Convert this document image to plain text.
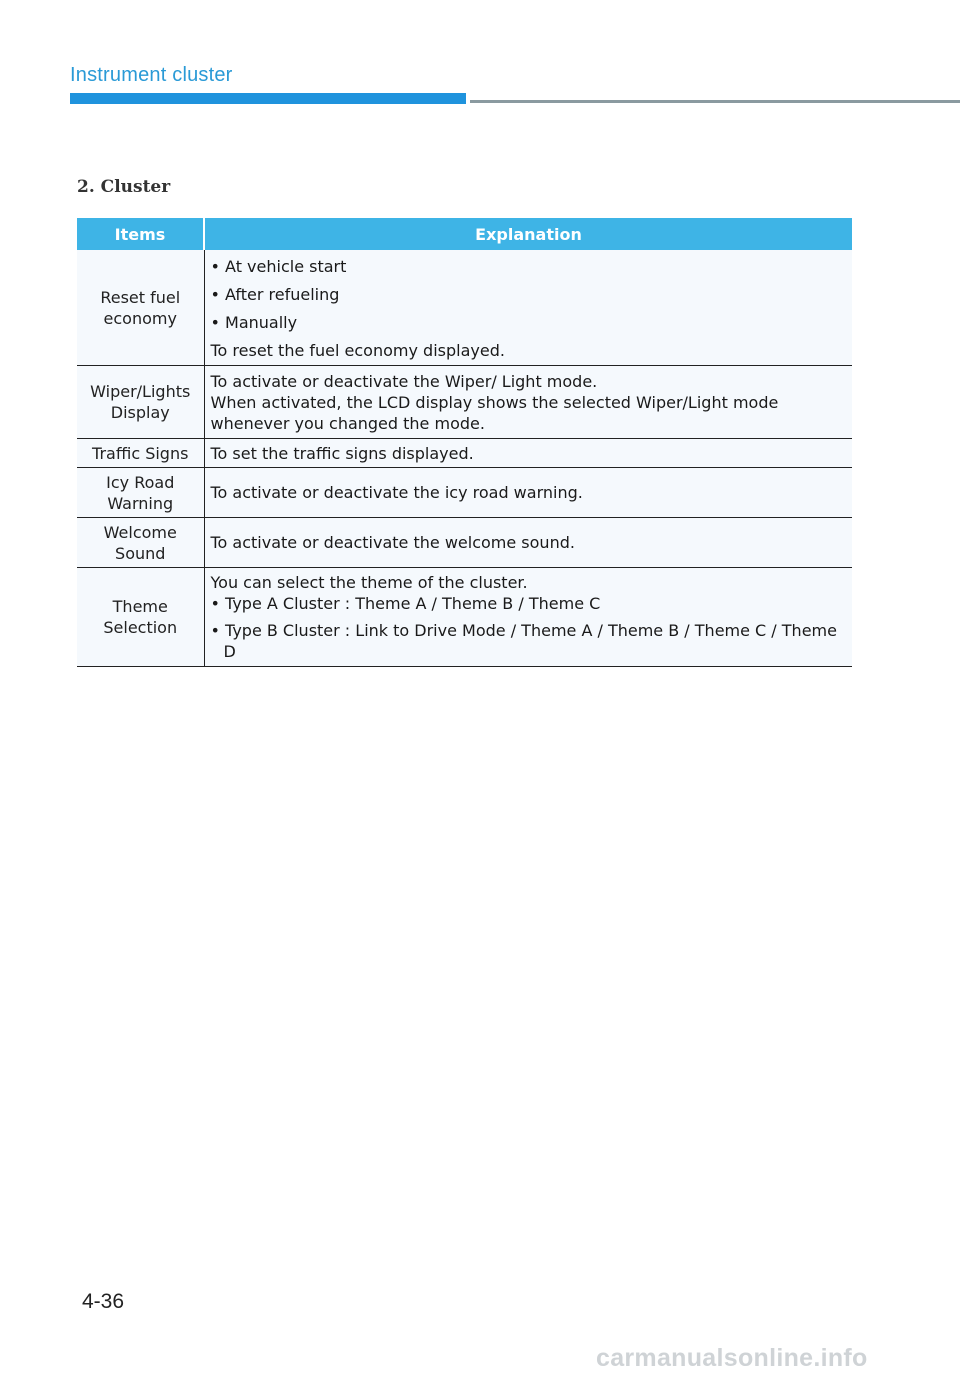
Instrument cluster
2. Cluster
Items	Explanation
Reset fuel economy	• At vehicle start
• After refueling
• Manually
To reset the fuel economy displayed.

Wiper/Lights Display	To activate or deactivate the Wiper/ Light mode.
When activated, the LCD display shows the selected Wiper/Light mode whenever you changed the mode.

Traffic Signs	To set the traffic signs displayed.

Icy Road Warning	To activate or deactivate the icy road warning.

Welcome Sound	To activate or deactivate the welcome sound.

Theme Selection	You can select the theme of the cluster.
• Type A Cluster : Theme A / Theme B / Theme C
• Type B Cluster : Link to Drive Mode / Theme A / Theme B / Theme C / Theme D
4-36
carmanualsonline.info
